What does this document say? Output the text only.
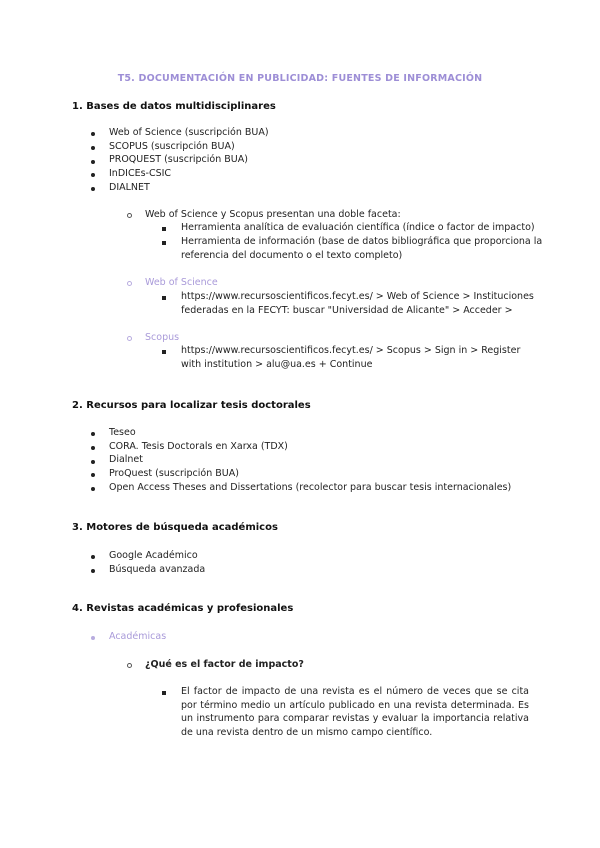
T5. DOCUMENTACIÓN EN PUBLICIDAD: FUENTES DE INFORMACIÓN
1. Bases de datos multidisciplinares
Web of Science (suscripción BUA)
SCOPUS (suscripción BUA)
PROQUEST (suscripción BUA)
InDICEs-CSIC
DIALNET
Web of Science y Scopus presentan una doble faceta:
Herramienta analítica de evaluación científica (índice o factor de impacto)
Herramienta de información (base de datos bibliográfica que proporciona la
referencia del documento o el texto completo)
Web of Science
https://www.recursoscientificos.fecyt.es/ > Web of Science > Instituciones
federadas en la FECYT: buscar "Universidad de Alicante" > Acceder >
Scopus
https://www.recursoscientificos.fecyt.es/ > Scopus > Sign in > Register
with institution > alu@ua.es + Continue
2. Recursos para localizar tesis doctorales
Teseo
CORA. Tesis Doctorals en Xarxa (TDX)
Dialnet
ProQuest (suscripción BUA)
Open Access Theses and Dissertations (recolector para buscar tesis internacionales)
3. Motores de búsqueda académicos
Google Académico
Búsqueda avanzada
4. Revistas académicas y profesionales
Académicas
¿Qué es el factor de impacto?
El factor de impacto de una revista es el número de veces que se cita por término medio un artículo publicado en una revista determinada. Es un instrumento para comparar revistas y evaluar la importancia relativa de una revista dentro de un mismo campo científico.
